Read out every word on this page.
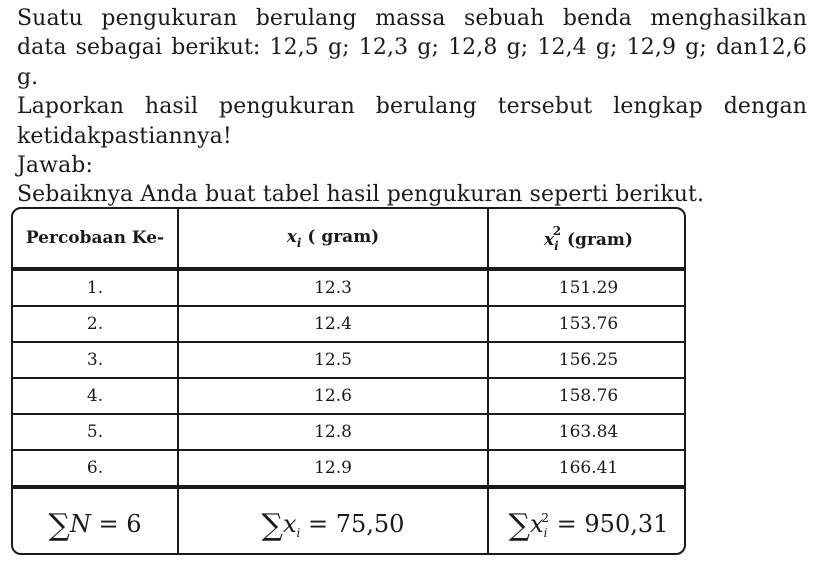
Suatu pengukuran berulang massa sebuah benda menghasilkan
data sebagai berikut: 12,5 g; 12,3 g; 12,8 g; 12,4 g; 12,9 g; dan12,6 g.
Laporkan hasil pengukuran berulang tersebut lengkap dengan
ketidakpastiannya!
Jawab:
Sebaiknya Anda buat tabel hasil pengukuran seperti berikut.
Percobaan Ke-	$x_i$ ( gram)	$x_i^2$ (gram)
1.	12.3	151.29
2.	12.4	153.76
3.	12.5	156.25
4.	12.6	158.76
5.	12.8	163.84
6.	12.9	166.41
∑N = 6	$\sum x_i = 75,50$	$\sum x_i^2 = 950,31$
